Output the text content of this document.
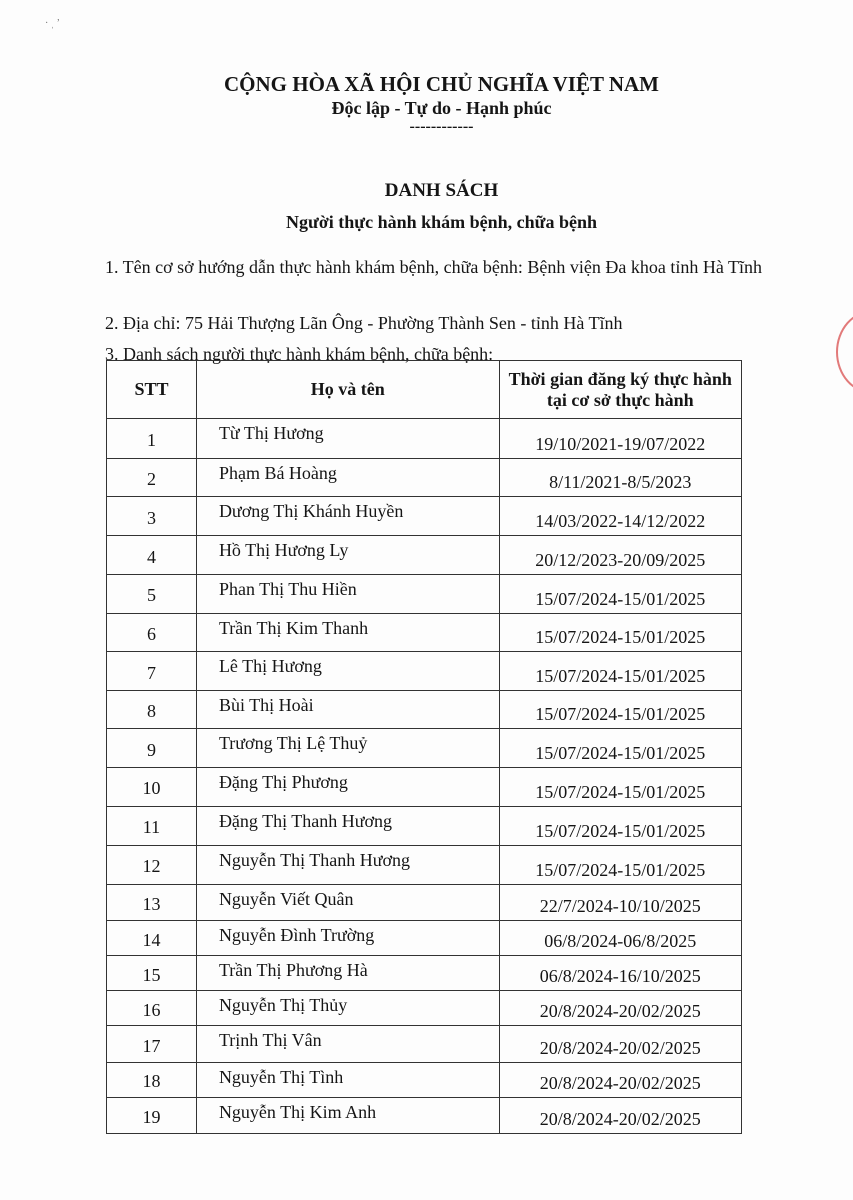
· ˌ ʼ
CỘNG HÒA XÃ HỘI CHỦ NGHĨA VIỆT NAM
Độc lập - Tự do - Hạnh phúc
------------
DANH SÁCH
Người thực hành khám bệnh, chữa bệnh
1. Tên cơ sở hướng dẫn thực hành khám bệnh, chữa bệnh: Bệnh viện Đa khoa tỉnh Hà Tĩnh
2. Địa chỉ: 75 Hải Thượng Lãn Ông - Phường Thành Sen - tỉnh Hà Tĩnh
3. Danh sách người thực hành khám bệnh, chữa bệnh:
STT	Họ và tên	Thời gian đăng ký thực hành
tại cơ sở thực hành

1	Từ Thị Hương	19/10/2021-19/07/2022
2	Phạm Bá Hoàng	8/11/2021-8/5/2023
3	Dương Thị Khánh Huyền	14/03/2022-14/12/2022
4	Hồ Thị Hương Ly	20/12/2023-20/09/2025
5	Phan Thị Thu Hiền	15/07/2024-15/01/2025
6	Trần Thị Kim Thanh	15/07/2024-15/01/2025
7	Lê Thị Hương	15/07/2024-15/01/2025
8	Bùi Thị Hoài	15/07/2024-15/01/2025
9	Trương Thị Lệ Thuỷ	15/07/2024-15/01/2025
10	Đặng Thị Phương	15/07/2024-15/01/2025
11	Đặng Thị Thanh Hương	15/07/2024-15/01/2025
12	Nguyễn Thị Thanh Hương	15/07/2024-15/01/2025
13	Nguyễn Viết Quân	22/7/2024-10/10/2025
14	Nguyễn Đình Trường	06/8/2024-06/8/2025
15	Trần Thị Phương Hà	06/8/2024-16/10/2025
16	Nguyễn Thị Thủy	20/8/2024-20/02/2025
17	Trịnh Thị Vân	20/8/2024-20/02/2025
18	Nguyễn Thị Tình	20/8/2024-20/02/2025
19	Nguyễn Thị Kim Anh	20/8/2024-20/02/2025
